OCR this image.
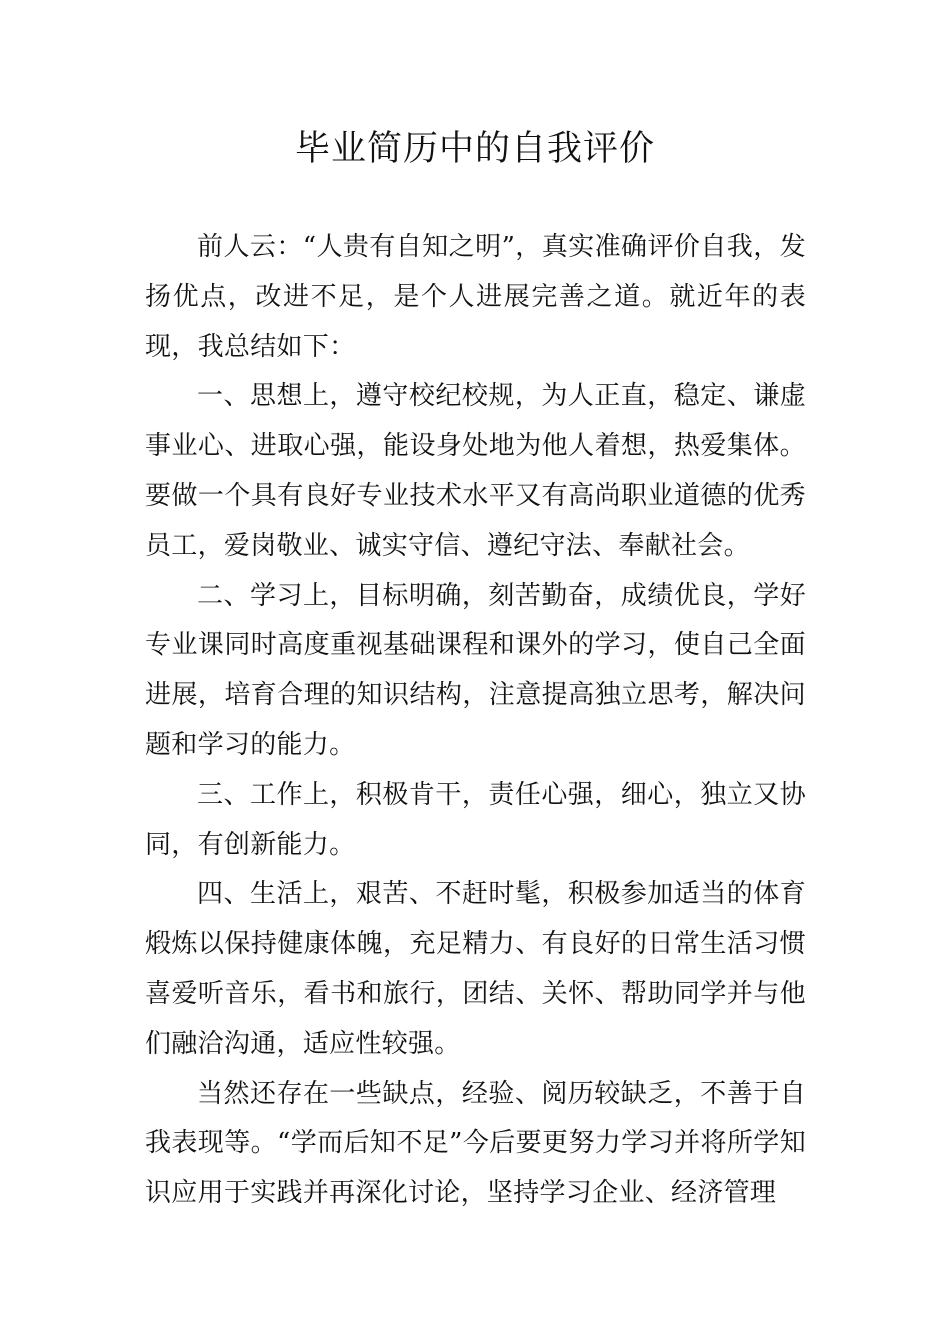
毕业简历中的自我评价

前人云：“人贵有自知之明”，真实准确评价自我，发扬优点，改进不足，是个人进展完善之道。就近年的表现，我总结如下：

一、思想上，遵守校纪校规，为人正直，稳定、谦虚事业心、进取心强，能设身处地为他人着想，热爱集体。要做一个具有良好专业技术水平又有高尚职业道德的优秀员工，爱岗敬业、诚实守信、遵纪守法、奉献社会。

二、学习上，目标明确，刻苦勤奋，成绩优良，学好专业课同时高度重视基础课程和课外的学习，使自己全面进展，培育合理的知识结构，注意提高独立思考，解决问题和学习的能力。

三、工作上，积极肯干，责任心强，细心，独立又协同，有创新能力。

四、生活上，艰苦、不赶时髦，积极参加适当的体育煅炼以保持健康体魄，充足精力、有良好的日常生活习惯喜爱听音乐，看书和旅行，团结、关怀、帮助同学并与他们融洽沟通，适应性较强。

当然还存在一些缺点，经验、阅历较缺乏，不善于自我表现等。“学而后知不足”今后要更努力学习并将所学知识应用于实践并再深化讨论，坚持学习企业、经济管理
